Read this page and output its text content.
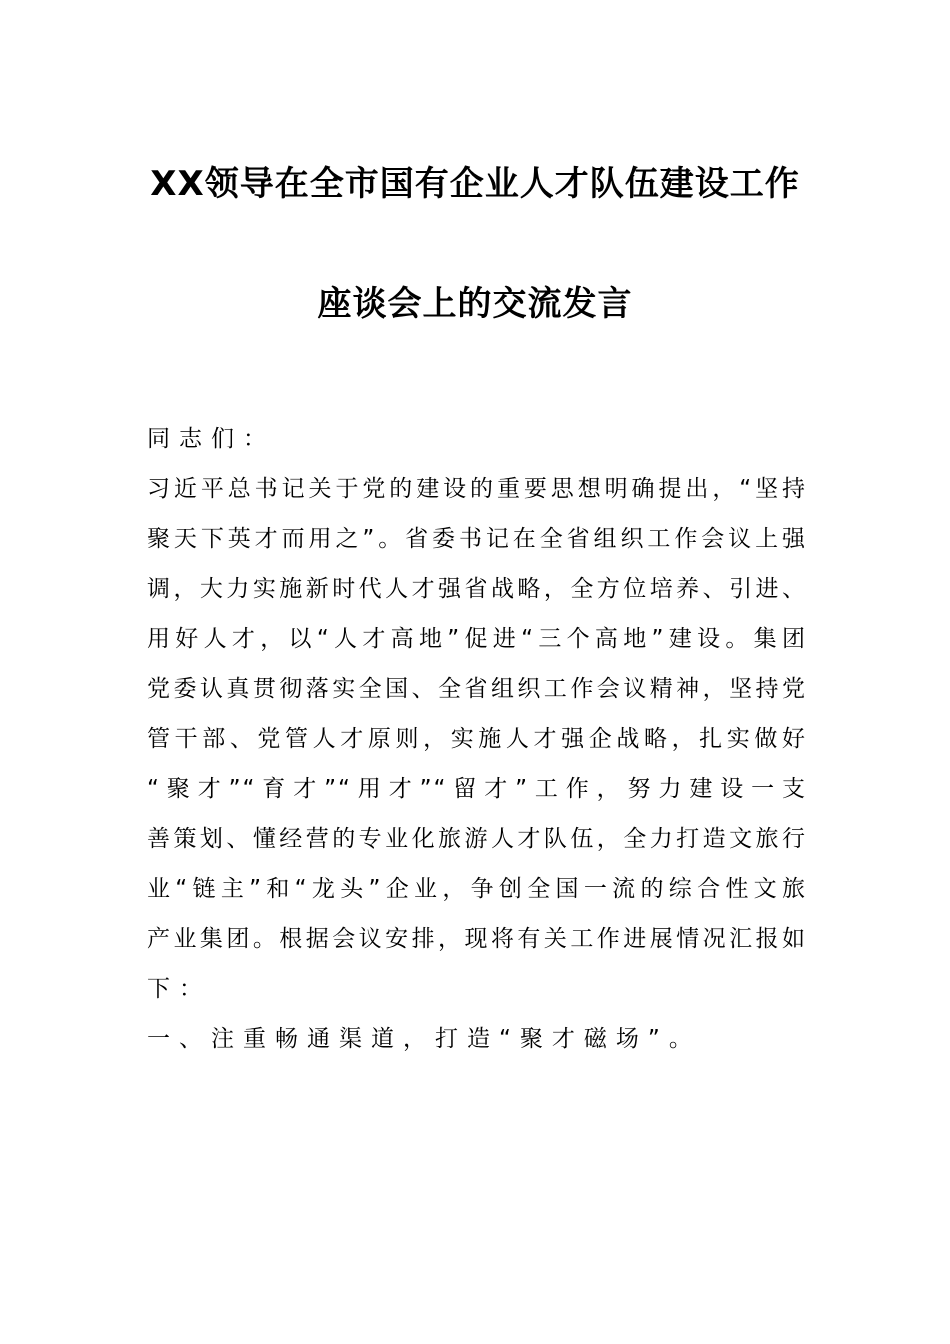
XX领导在全市国有企业人才队伍建设工作
座谈会上的交流发言
同志们：
习近平总书记关于党的建设的重要思想明确提出，“坚持
聚天下英才而用之”。省委书记在全省组织工作会议上强
调，大力实施新时代人才强省战略，全方位培养、引进、
用好人才，以“人才高地”促进“三个高地”建设。集团
党委认真贯彻落实全国、全省组织工作会议精神，坚持党
管干部、党管人才原则，实施人才强企战略，扎实做好
“聚才”“育才”“用才”“留才”工作，努力建设一支
善策划、懂经营的专业化旅游人才队伍，全力打造文旅行
业“链主”和“龙头”企业，争创全国一流的综合性文旅
产业集团。根据会议安排，现将有关工作进展情况汇报如
下：
一、注重畅通渠道，打造“聚才磁场”。
